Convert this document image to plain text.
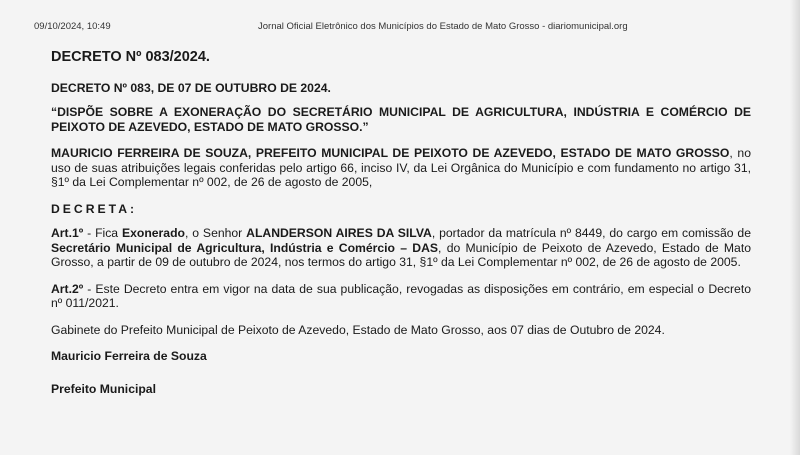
09/10/2024, 10:49	Jornal Oficial Eletrônico dos Municípios do Estado de Mato Grosso - diariomunicipal.org
DECRETO Nº 083/2024.
DECRETO Nº 083, DE 07 DE OUTUBRO DE 2024.
“DISPÕE SOBRE A EXONERAÇÃO DO SECRETÁRIO MUNICIPAL DE AGRICULTURA, INDÚSTRIA E COMÉRCIO DE PEIXOTO DE AZEVEDO, ESTADO DE MATO GROSSO.”

MAURICIO FERREIRA DE SOUZA, PREFEITO MUNICIPAL DE PEIXOTO DE AZEVEDO, ESTADO DE MATO GROSSO, no uso de suas atribuições legais conferidas pelo artigo 66, inciso IV, da Lei Orgânica do Município e com fundamento no artigo 31, §1º da Lei Complementar nº 002, de 26 de agosto de 2005,

DECRETA:

Art.1º - Fica Exonerado, o Senhor ALANDERSON AIRES DA SILVA, portador da matrícula nº 8449, do cargo em comissão de Secretário Municipal de Agricultura, Indústria e Comércio – DAS, do Município de Peixoto de Azevedo, Estado de Mato Grosso, a partir de 09 de outubro de 2024, nos termos do artigo 31, §1º da Lei Complementar nº 002, de 26 de agosto de 2005.

Art.2º - Este Decreto entra em vigor na data de sua publicação, revogadas as disposições em contrário, em especial o Decreto nº 011/2021.

Gabinete do Prefeito Municipal de Peixoto de Azevedo, Estado de Mato Grosso, aos 07 dias de Outubro de 2024.

Mauricio Ferreira de Souza
Prefeito Municipal
